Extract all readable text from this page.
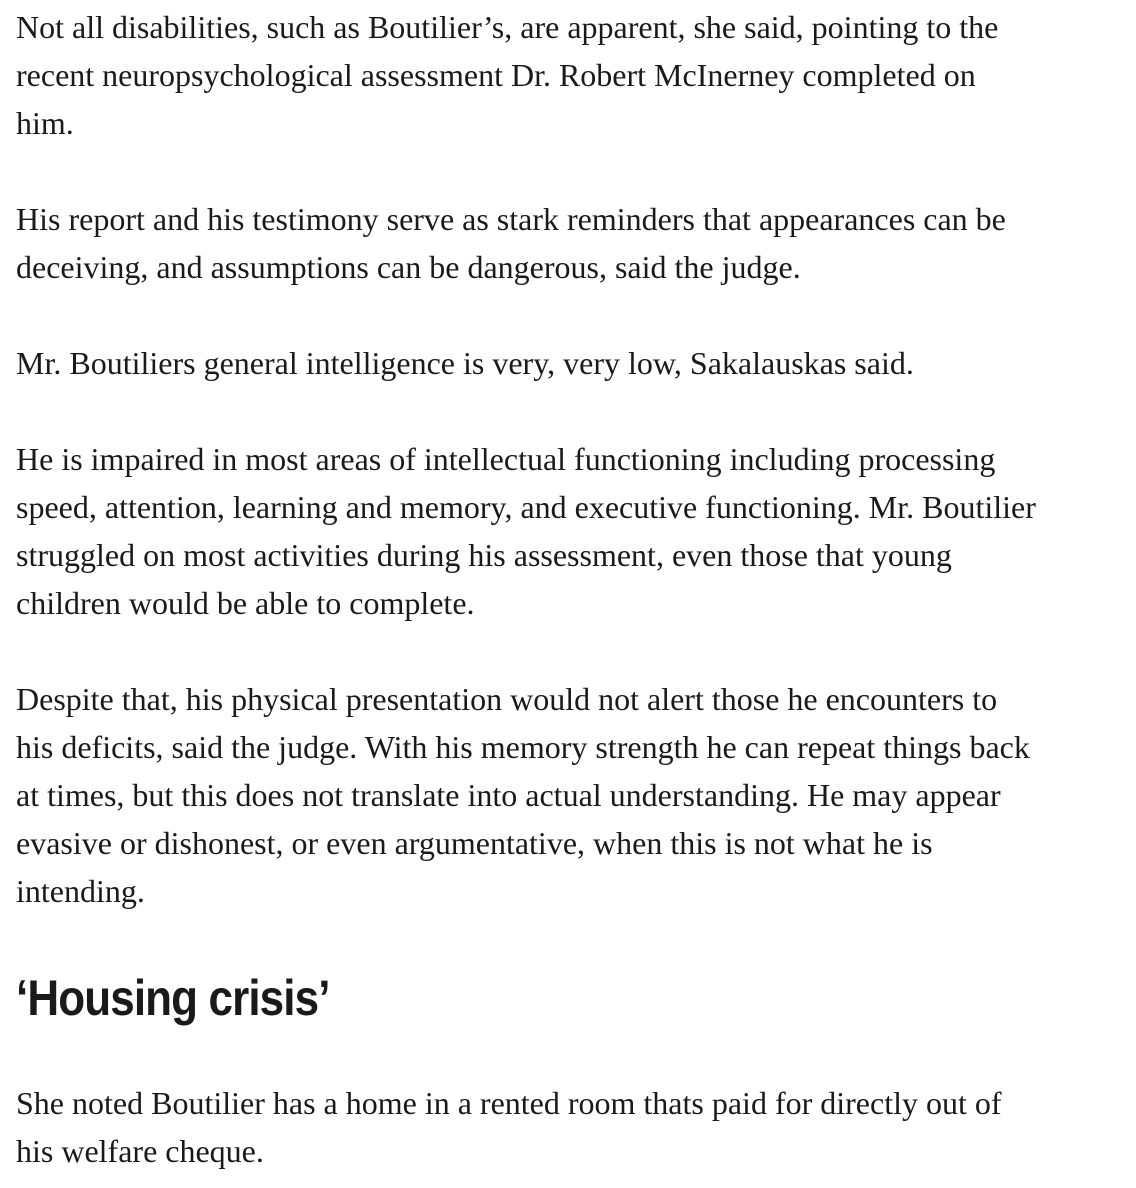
Not all disabilities, such as Boutilier’s, are apparent, she said, pointing to the
recent neuropsychological assessment Dr. Robert McInerney completed on
him.

His report and his testimony serve as stark reminders that appearances can be
deceiving, and assumptions can be dangerous, said the judge.

Mr. Boutiliers general intelligence is very, very low, Sakalauskas said.

He is impaired in most areas of intellectual functioning including processing
speed, attention, learning and memory, and executive functioning. Mr. Boutilier
struggled on most activities during his assessment, even those that young
children would be able to complete.

Despite that, his physical presentation would not alert those he encounters to
his deficits, said the judge. With his memory strength he can repeat things back
at times, but this does not translate into actual understanding. He may appear
evasive or dishonest, or even argumentative, when this is not what he is
intending.

‘Housing crisis’

She noted Boutilier has a home in a rented room thats paid for directly out of
his welfare cheque.
